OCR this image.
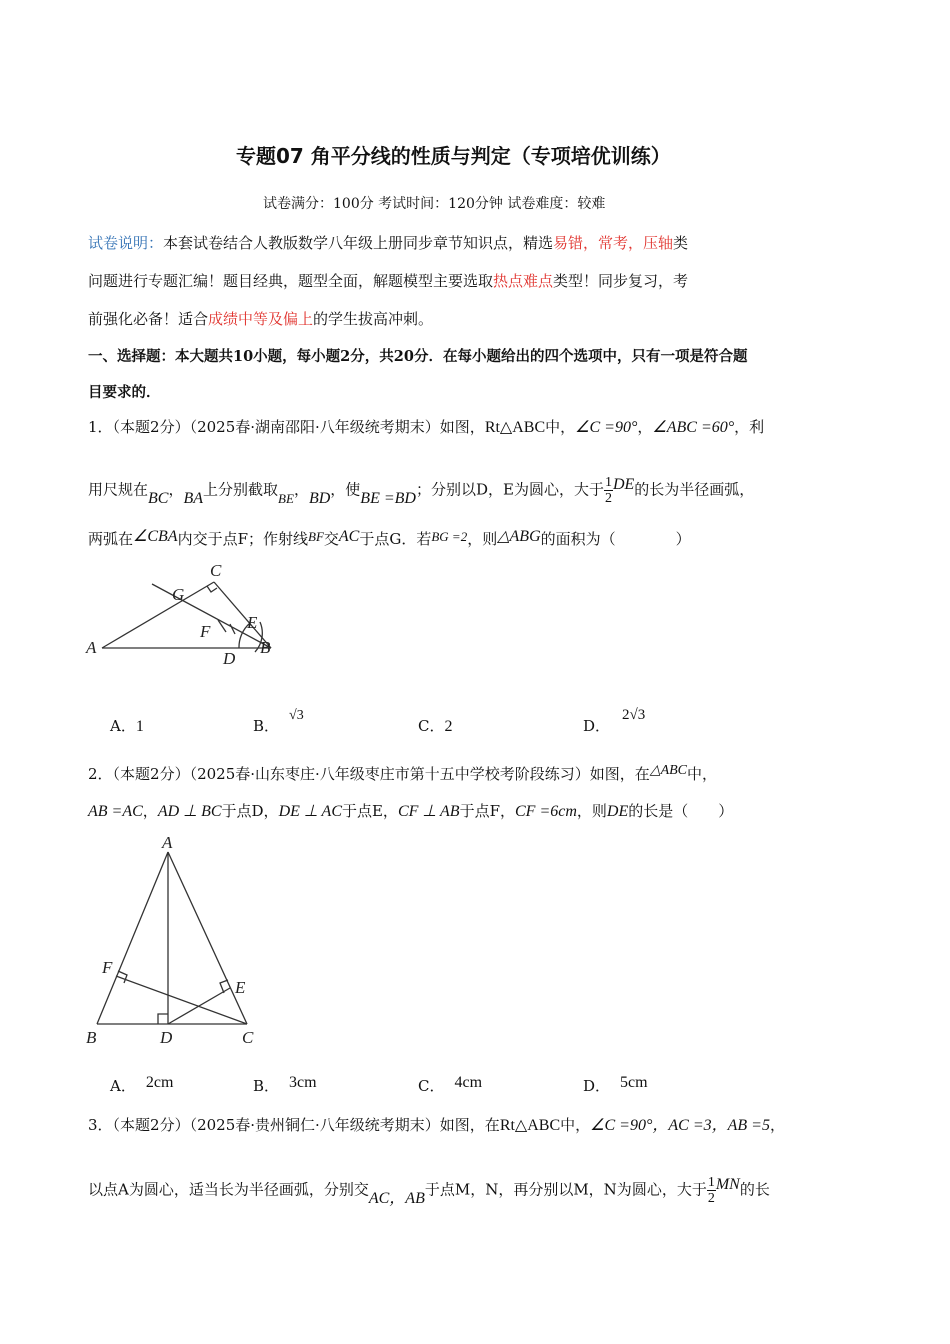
专题07 角平分线的性质与判定（专项培优训练）
试卷满分：100分 考试时间：120分钟 试卷难度：较难
试卷说明：本套试卷结合人教版数学八年级上册同步章节知识点，精选易错，常考，压轴类
问题进行专题汇编！题目经典，题型全面，解题模型主要选取热点难点类型！同步复习，考
前强化必备！适合成绩中等及偏上的学生拔高冲刺。
一、选择题：本大题共10小题，每小题2分，共20分．在每小题给出的四个选项中，只有一项是符合题
目要求的．
1．（本题2分）（2025春·湖南邵阳·八年级统考期末）如图，Rt△ABC中，∠C =90°，∠ABC =60°，利
用尺规在BC，BA上分别截取BE，BD，使BE =BD；分别以D，E为圆心，大于 $\frac{1}{2}$ DE的长为半径画弧，
两弧在∠CBA内交于点F；作射线BF交AC于点G．若BG =2，则△ABG的面积为（　　　　）
A	B
C
G
F E
D
A．1	B．√3
C．2	D．2√3
2．（本题2分）（2025春·山东枣庄·八年级枣庄市第十五中学校考阶段练习）如图，在△ABC中，
AB =AC，AD ⊥ BC于点D，DE ⊥ AC于点E，CF ⊥ AB于点F，CF =6cm，则DE的长是（　　）
A
B	C
D
E
F
A． 2cm	B． 3cm	C． 4cm	D． 5cm
3．（本题2分）（2025春·贵州铜仁·八年级统考期末）如图，在Rt△ABC中，∠C =90°，AC =3，AB =5，
以点A为圆心，适当长为半径画弧，分别交AC，AB于点M，N，再分别以M，N为圆心，大于 $\frac{1}{2}$ MN的长
